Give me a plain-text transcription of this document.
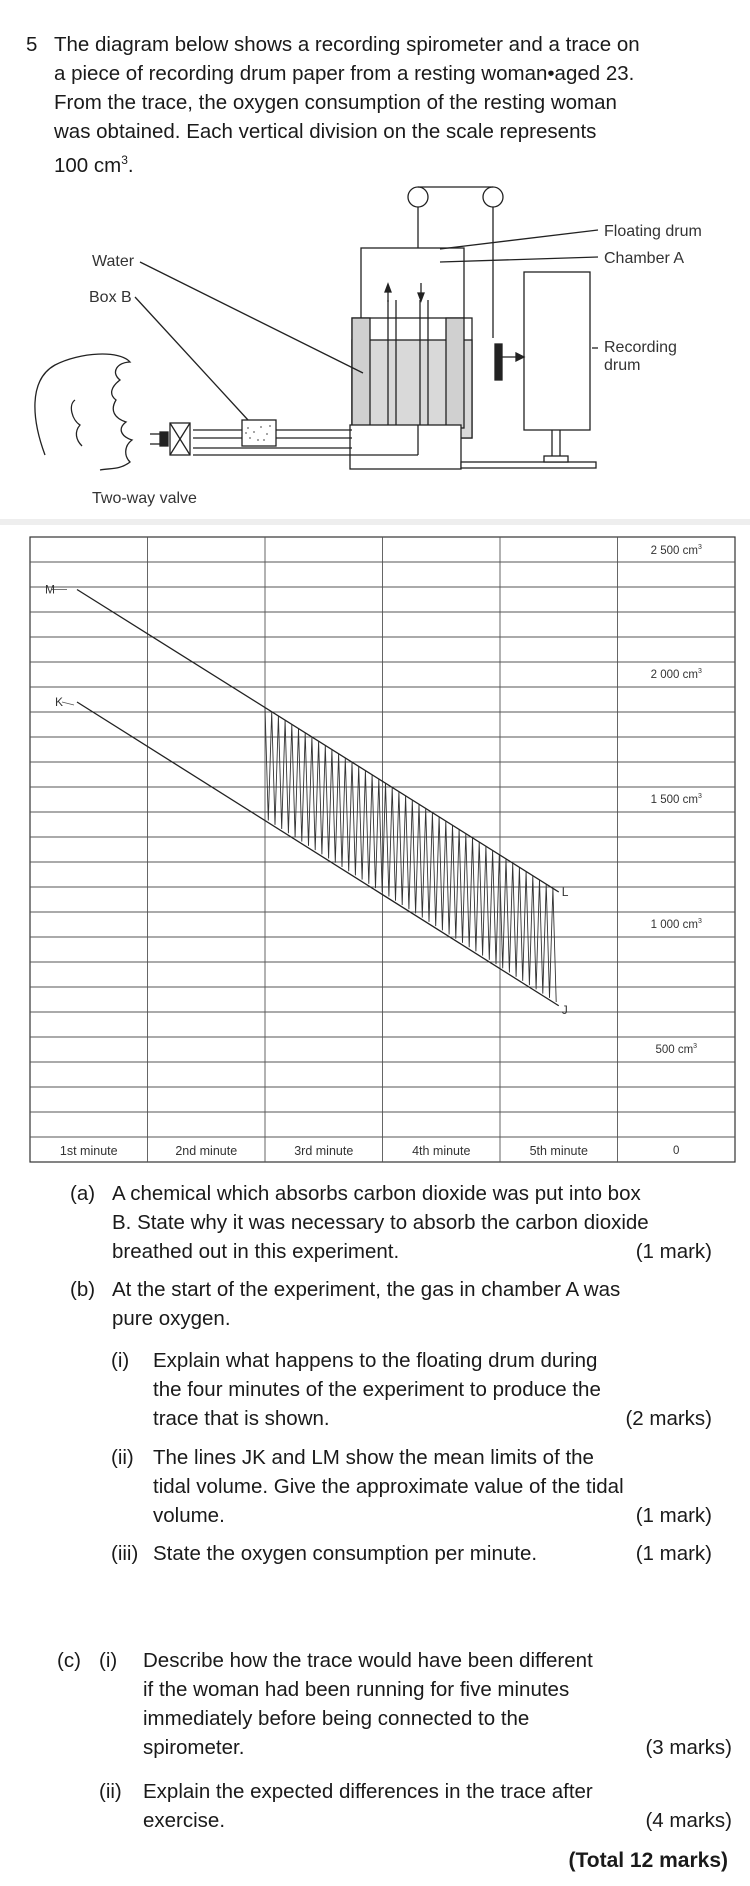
5 The diagram below shows a recording spirometer and a trace on
a piece of recording drum paper from a resting woman•aged 23.
From the trace, the oxygen consumption of the resting woman
was obtained. Each vertical division on the scale represents
100 $cm^3$.
Floating drum
Chamber A
Water
Box B
Recording
drum
Two-way valve
2 500 $cm^3$
2 000 $cm^3$
1 500 $cm^3$
1 000 $cm^3$
500 $cm^3$
0
1st minute	2nd minute	3rd minute	4th minute	5th minute
M
K
L
J
(a) A chemical which absorbs carbon dioxide was put into box
B. State why it was necessary to absorb the carbon dioxide
breathed out in this experiment.	(1 mark)
(b) At the start of the experiment, the gas in chamber A was
pure oxygen.
(i) Explain what happens to the floating drum during
the four minutes of the experiment to produce the
trace that is shown.	(2 marks)
(ii) The lines JK and LM show the mean limits of the
tidal volume. Give the approximate value of the tidal
volume.	(1 mark)
(iii) State the oxygen consumption per minute.	(1 mark)
(c) (i) Describe how the trace would have been different
if the woman had been running for five minutes
immediately before being connected to the
spirometer.	(3 marks)
(ii) Explain the expected differences in the trace after
exercise.	(4 marks)
(Total 12 marks)
